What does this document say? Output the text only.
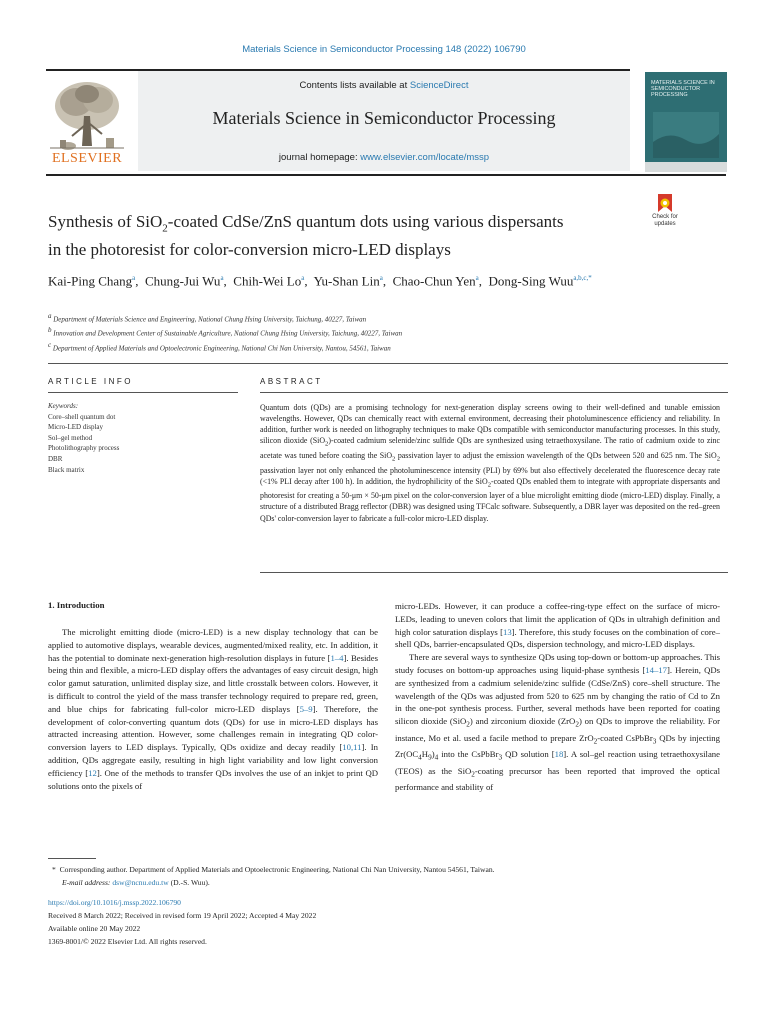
Materials Science in Semiconductor Processing 148 (2022) 106790
Contents lists available at ScienceDirect
Materials Science in Semiconductor Processing
journal homepage: www.elsevier.com/locate/mssp
ELSEVIER
MATERIALS SCIENCE IN SEMICONDUCTOR PROCESSING
Check for updates
Synthesis of SiO$_2$-coated CdSe/ZnS quantum dots using various dispersants
in the photoresist for color-conversion micro-LED displays
Kai-Ping Chang$^a$,  Chung-Jui Wu$^a$,  Chih-Wei Lo$^a$,  Yu-Shan Lin$^a$,  Chao-Chun Yen$^a$,  Dong-Sing Wuu$^{a,b,c,*}$
$^a$ Department of Materials Science and Engineering, National Chung Hsing University, Taichung, 40227, Taiwan
$^b$ Innovation and Development Center of Sustainable Agriculture, National Chung Hsing University, Taichung, 40227, Taiwan
$^c$ Department of Applied Materials and Optoelectronic Engineering, National Chi Nan University, Nantou, 54561, Taiwan
ARTICLE INFO	ABSTRACT
Keywords:
Core–shell quantum dot
Micro-LED display
Sol–gel method
Photolithography process
DBR
Black matrix
Quantum dots (QDs) are a promising technology for next-generation display screens owing to their well-defined and tunable emission wavelengths. However, QDs can chemically react with external environment, decreasing their photoluminescence efficiency and reliability. In addition, further work is needed on lithography techniques to make QDs compatible with semiconductor manufacturing processes. In this study, silicon dioxide (SiO$_2$)-coated cadmium selenide/zinc sulfide QDs are synthesized using tetraethoxysilane. The ratio of cadmium oxide to zinc acetate was tuned before coating the SiO$_2$ passivation layer to adjust the emission wavelength of the QDs between 520 and 625 nm. The SiO$_2$ passivation layer not only enhanced the photoluminescence intensity (PLI) by 69% but also effectively decelerated the fluorescence decay rate (<1% PLI decay after 100 h). In addition, the hydrophilicity of the SiO$_2$-coated QDs enabled them to integrate with appropriate dispersants and photoresist for creating a 50-μm × 50-μm pixel on the color-conversion layer of a blue microlight emitting diode (micro-LED) display. Finally, a structure of a distributed Bragg reflector (DBR) was designed using TFCalc software. Subsequently, a DBR layer was deposited on the red–green QDs' color-conversion layer to fabricate a full-color micro-LED display.
1. Introduction

The microlight emitting diode (micro-LED) is a new display technology that can be applied to automotive displays, wearable devices, augmented/mixed reality, etc. In addition, it has the potential to dominate next-generation high-resolution displays in future [1–4]. Besides being thin and flexible, a micro-LED display offers the advantages of easy circuit design, high color gamut saturation, unlimited display size, and little crosstalk between colors. However, it is difficult to control the yield of the mass transfer technology required to prepare red, green, and blue chips for fabricating full-color micro-LED displays [5–9]. Therefore, the development of color-converting quantum dots (QDs) for use in micro-LED displays has attracted increasing attention. However, some challenges remain in integrating QD color-conversion layers to LED displays. Typically, QDs oxidize and decay readily [10,11]. In addition, QDs aggregate easily, resulting in high light variability and low light conversion efficiency [12]. One of the methods to transfer QDs involves the use of an inkjet to print QD solutions onto the pixels of

micro-LEDs. However, it can produce a coffee-ring-type effect on the surface of micro-LEDs, leading to uneven colors that limit the application of QDs in ultrahigh definition and high color saturation displays [13]. Therefore, this study focuses on the combination of core–shell QDs, barrier-encapsulated QDs, dispersion technology, and micro-LED displays.

There are several ways to synthesize QDs using top-down or bottom-up approaches. This study focuses on bottom-up approaches using liquid-phase synthesis [14–17]. Herein, QDs are synthesized from a cadmium selenide/zinc sulfide (CdSe/ZnS) core–shell structure. The wavelength of the QDs was adjusted from 520 to 625 nm by changing the ratio of Cd to Zn in the one-pot synthesis process. Further, several methods have been reported for coating silicon dioxide (SiO$_2$) and zirconium dioxide (ZrO$_2$) on QDs to improve the reliability. For instance, Mo et al. used a facile method to prepare ZrO$_2$-coated CsPbBr$_3$ QDs by injecting $Zr(OC_4H_9)_4$ into the CsPbBr$_3$ QD solution [18]. A sol–gel reaction using tetraethoxysilane (TEOS) as the SiO$_2$-coating precursor has been reported that improved the optical performance and stability of

*  Corresponding author. Department of Applied Materials and Optoelectronic Engineering, National Chi Nan University, Nantou 54561, Taiwan.
E-mail address: dsw@ncnu.edu.tw (D.-S. Wuu).
https://doi.org/10.1016/j.mssp.2022.106790
Received 8 March 2022; Received in revised form 19 April 2022; Accepted 4 May 2022
Available online 20 May 2022
1369-8001/© 2022 Elsevier Ltd. All rights reserved.
